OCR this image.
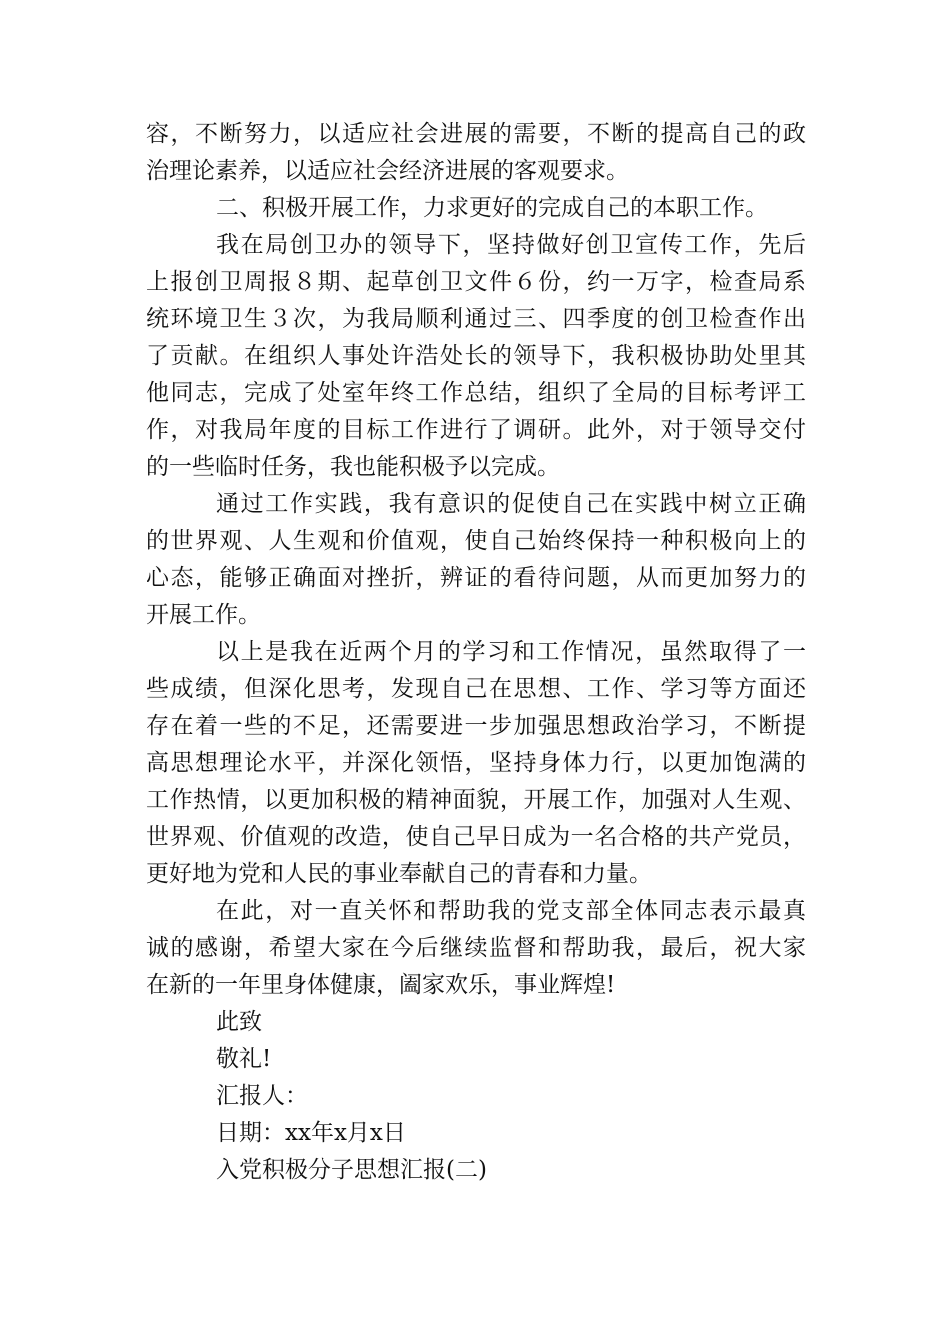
容，不断努力，以适应社会进展的需要，不断的提高自己的政
治理论素养，以适应社会经济进展的客观要求。
二、积极开展工作，力求更好的完成自己的本职工作。
我在局创卫办的领导下，坚持做好创卫宣传工作，先后
上报创卫周报８期、起草创卫文件６份，约一万字，检查局系
统环境卫生３次，为我局顺利通过三、四季度的创卫检查作出
了贡献。在组织人事处许浩处长的领导下，我积极协助处里其
他同志，完成了处室年终工作总结，组织了全局的目标考评工
作，对我局年度的目标工作进行了调研。此外，对于领导交付
的一些临时任务，我也能积极予以完成。
通过工作实践，我有意识的促使自己在实践中树立正确
的世界观、人生观和价值观，使自己始终保持一种积极向上的
心态，能够正确面对挫折，辨证的看待问题，从而更加努力的
开展工作。
以上是我在近两个月的学习和工作情况，虽然取得了一
些成绩，但深化思考，发现自己在思想、工作、学习等方面还
存在着一些的不足，还需要进一步加强思想政治学习，不断提
高思想理论水平，并深化领悟，坚持身体力行，以更加饱满的
工作热情，以更加积极的精神面貌，开展工作，加强对人生观、
世界观、价值观的改造，使自己早日成为一名合格的共产党员，
更好地为党和人民的事业奉献自己的青春和力量。
在此，对一直关怀和帮助我的党支部全体同志表示最真
诚的感谢，希望大家在今后继续监督和帮助我，最后，祝大家
在新的一年里身体健康，阖家欢乐，事业辉煌!
此致
敬礼!
汇报人：
日期：xx年x月x日
入党积极分子思想汇报(二)
